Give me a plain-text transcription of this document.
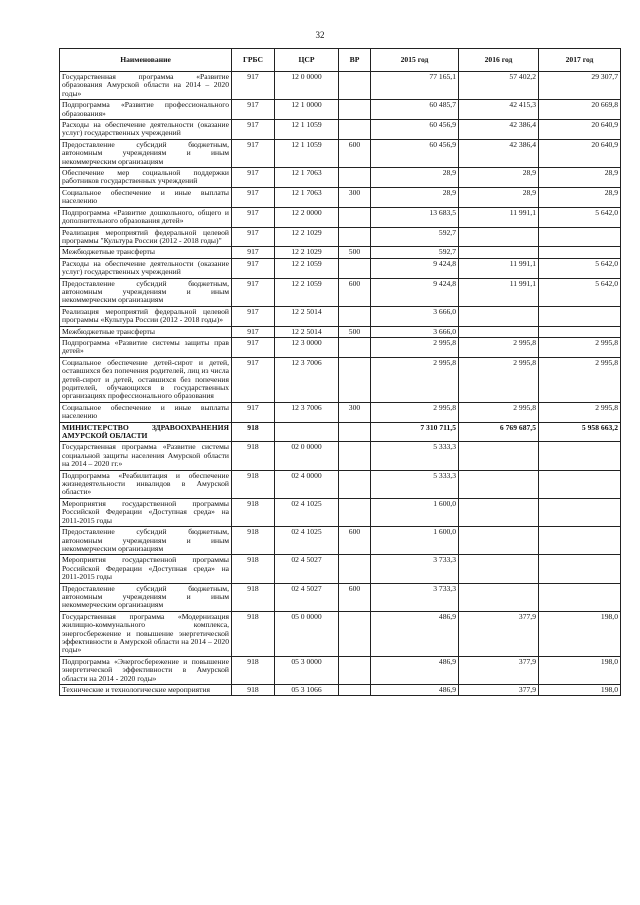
32
Наименование	ГРБС	ЦСР	ВР	2015 год	2016 год	2017 год
Государственная программа «Развитие образования Амурской области на 2014 – 2020 годы»	917	12 0 0000		77 165,1	57 402,2	29 307,7
Подпрограмма «Развитие профессионального образования»	917	12 1 0000		60 485,7	42 415,3	20 669,8
Расходы на обеспечение деятельности (оказание услуг) государственных учреждений	917	12 1 1059		60 456,9	42 386,4	20 640,9
Предоставление субсидий бюджетным, автономным учреждениям и иным некоммерческим организациям	917	12 1 1059	600	60 456,9	42 386,4	20 640,9
Обеспечение мер социальной поддержки работников государственных учреждений	917	12 1 7063		28,9	28,9	28,9
Социальное обеспечение и иные выплаты населению	917	12 1 7063	300	28,9	28,9	28,9
Подпрограмма «Развитие дошкольного, общего и дополнительного образования детей»	917	12 2 0000		13 683,5	11 991,1	5 642,0
Реализация мероприятий федеральной целевой программы "Культура России (2012 - 2018 годы)"	917	12 2 1029		592,7		
Межбюджетные трансферты	917	12 2 1029	500	592,7		
Расходы на обеспечение деятельности (оказание услуг) государственных учреждений	917	12 2 1059		9 424,8	11 991,1	5 642,0
Предоставление субсидий бюджетным, автономным учреждениям и иным некоммерческим организациям	917	12 2 1059	600	9 424,8	11 991,1	5 642,0
Реализация мероприятий федеральной целевой программы «Культура России (2012 - 2018 годы)»	917	12 2 5014		3 666,0		
Межбюджетные трансферты	917	12 2 5014	500	3 666,0		
Подпрограмма «Развитие системы защиты прав детей»	917	12 3 0000		2 995,8	2 995,8	2 995,8
Социальное обеспечение детей-сирот и детей, оставшихся без попечения родителей, лиц из числа детей-сирот и детей, оставшихся без попечения родителей, обучающихся в государственных организациях профессионального образования	917	12 3 7006		2 995,8	2 995,8	2 995,8
Социальное обеспечение и иные выплаты населению	917	12 3 7006	300	2 995,8	2 995,8	2 995,8
МИНИСТЕРСТВО ЗДРАВООХРАНЕНИЯ АМУРСКОЙ ОБЛАСТИ	918			7 310 711,5	6 769 687,5	5 958 663,2
Государственная программа «Развитие системы социальной защиты населения Амурской области на 2014 – 2020 гг.»	918	02 0 0000		5 333,3		
Подпрограмма «Реабилитация и обеспечение жизнедеятельности инвалидов в Амурской области»	918	02 4 0000		5 333,3		
Мероприятия государственной программы Российской Федерации «Доступная среда» на 2011-2015 годы	918	02 4 1025		1 600,0		
Предоставление субсидий бюджетным, автономным учреждениям и иным некоммерческим организациям	918	02 4 1025	600	1 600,0		
Мероприятия государственной программы Российской Федерации «Доступная среда» на 2011-2015 годы	918	02 4 5027		3 733,3		
Предоставление субсидий бюджетным, автономным учреждениям и иным некоммерческим организациям	918	02 4 5027	600	3 733,3		
Государственная программа «Модернизация жилищно-коммунального комплекса, энергосбережение и повышение энергетической эффективности в Амурской области на 2014 – 2020 годы»	918	05 0 0000		486,9	377,9	198,0
Подпрограмма «Энергосбережение и повышение энергетической эффективности в Амурской области на 2014 - 2020 годы»	918	05 3 0000		486,9	377,9	198,0
Технические и технологические мероприятия	918	05 3 1066		486,9	377,9	198,0
